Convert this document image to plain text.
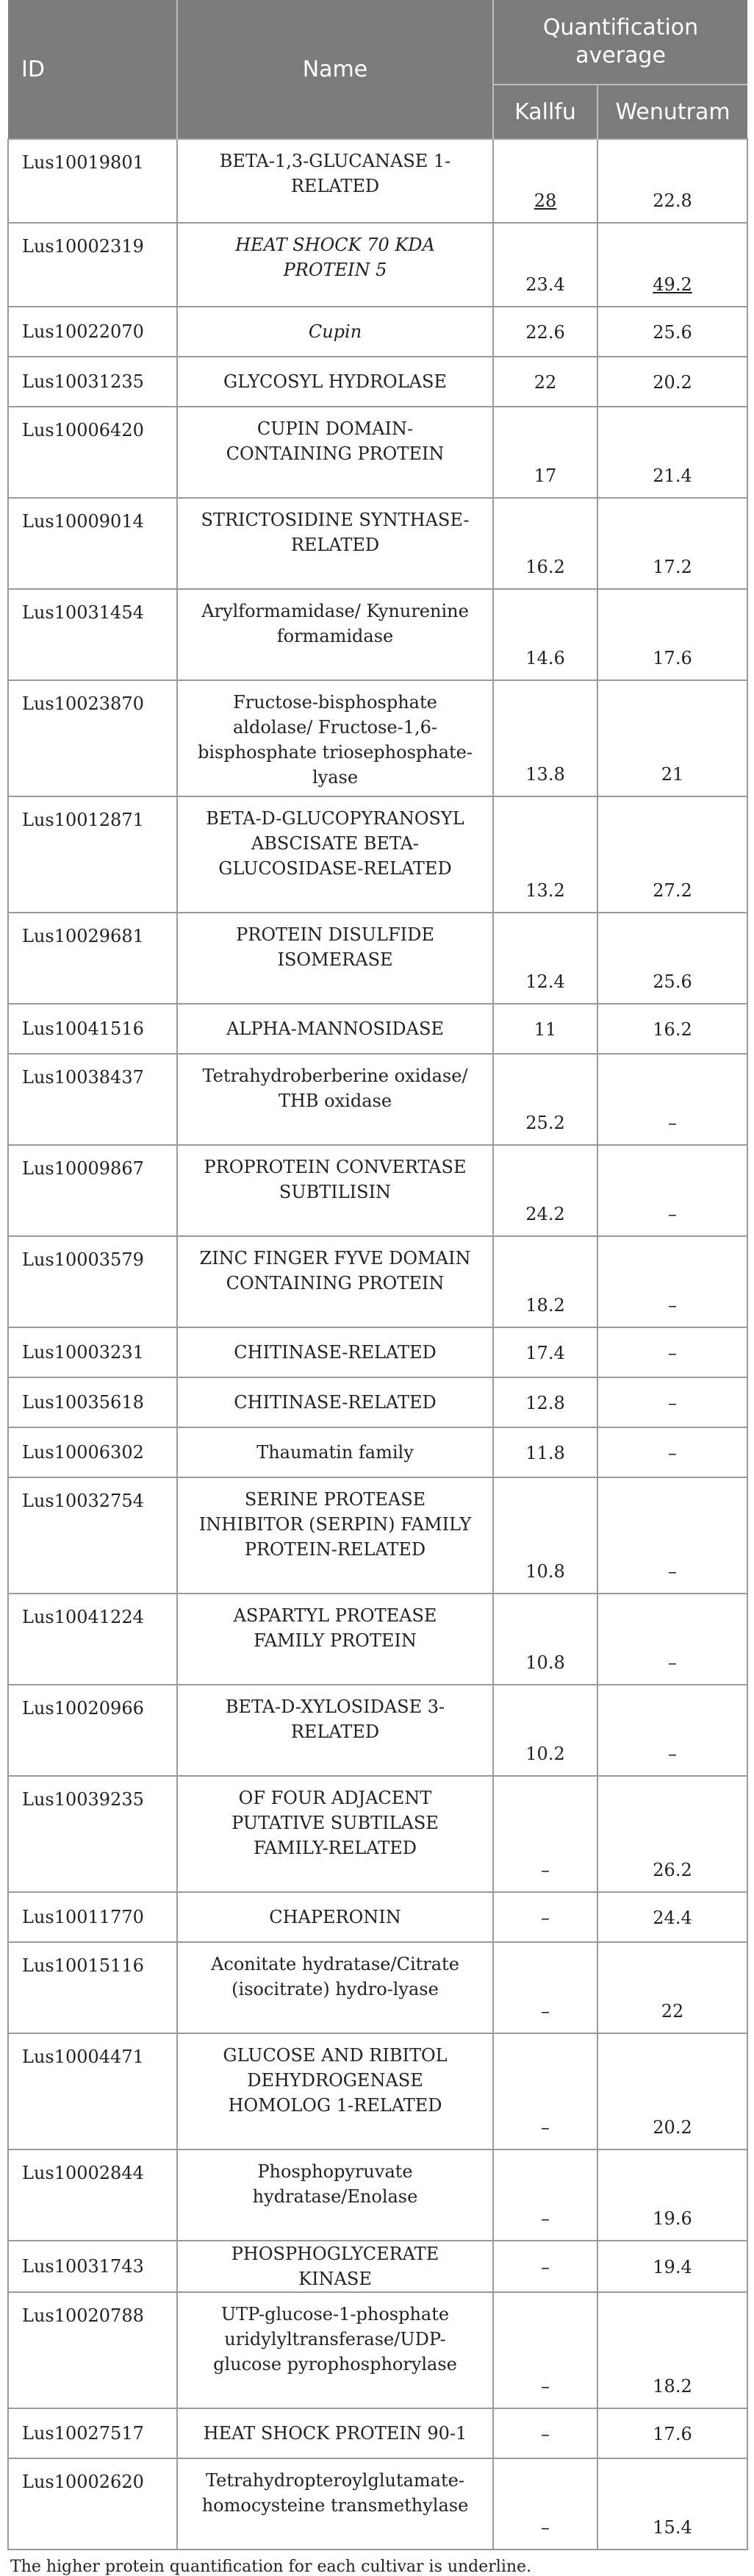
ID	Name	Quantification average	
		Kallfu	Wenutram
Lus10019801	BETA-1,3-GLUCANASE 1-RELATED	28	22.8
Lus10002319	HEAT SHOCK 70 KDA PROTEIN 5	23.4	49.2
Lus10022070	Cupin	22.6	25.6
Lus10031235	GLYCOSYL HYDROLASE	22	20.2
Lus10006420	CUPIN DOMAIN-CONTAINING PROTEIN	17	21.4
Lus10009014	STRICTOSIDINE SYNTHASE-RELATED	16.2	17.2
Lus10031454	Arylformamidase/ Kynurenine formamidase	14.6	17.6
Lus10023870	Fructose-bisphosphate aldolase/ Fructose-1,6-bisphosphate triosephosphate-lyase	13.8	21
Lus10012871	BETA-D-GLUCOPYRANOSYL ABSCISATE BETA-GLUCOSIDASE-RELATED	13.2	27.2
Lus10029681	PROTEIN DISULFIDE ISOMERASE	12.4	25.6
Lus10041516	ALPHA-MANNOSIDASE	11	16.2
Lus10038437	Tetrahydroberberine oxidase/ THB oxidase	25.2	–
Lus10009867	PROPROTEIN CONVERTASE SUBTILISIN	24.2	–
Lus10003579	ZINC FINGER FYVE DOMAIN CONTAINING PROTEIN	18.2	–
Lus10003231	CHITINASE-RELATED	17.4	–
Lus10035618	CHITINASE-RELATED	12.8	–
Lus10006302	Thaumatin family	11.8	–
Lus10032754	SERINE PROTEASE INHIBITOR (SERPIN) FAMILY PROTEIN-RELATED	10.8	–
Lus10041224	ASPARTYL PROTEASE FAMILY PROTEIN	10.8	–
Lus10020966	BETA-D-XYLOSIDASE 3-RELATED	10.2	–
Lus10039235	OF FOUR ADJACENT PUTATIVE SUBTILASE FAMILY-RELATED	–	26.2
Lus10011770	CHAPERONIN	–	24.4
Lus10015116	Aconitate hydratase/Citrate (isocitrate) hydro-lyase	–	22
Lus10004471	GLUCOSE AND RIBITOL DEHYDROGENASE HOMOLOG 1-RELATED	–	20.2
Lus10002844	Phosphopyruvate hydratase/Enolase	–	19.6
Lus10031743	PHOSPHOGLYCERATE KINASE	–	19.4
Lus10020788	UTP-glucose-1-phosphate uridylyltransferase/UDP-glucose pyrophosphorylase	–	18.2
Lus10027517	HEAT SHOCK PROTEIN 90-1	–	17.6
Lus10002620	Tetrahydropteroylglutamate-homocysteine transmethylase	–	15.4
The higher protein quantification for each cultivar is underline.
